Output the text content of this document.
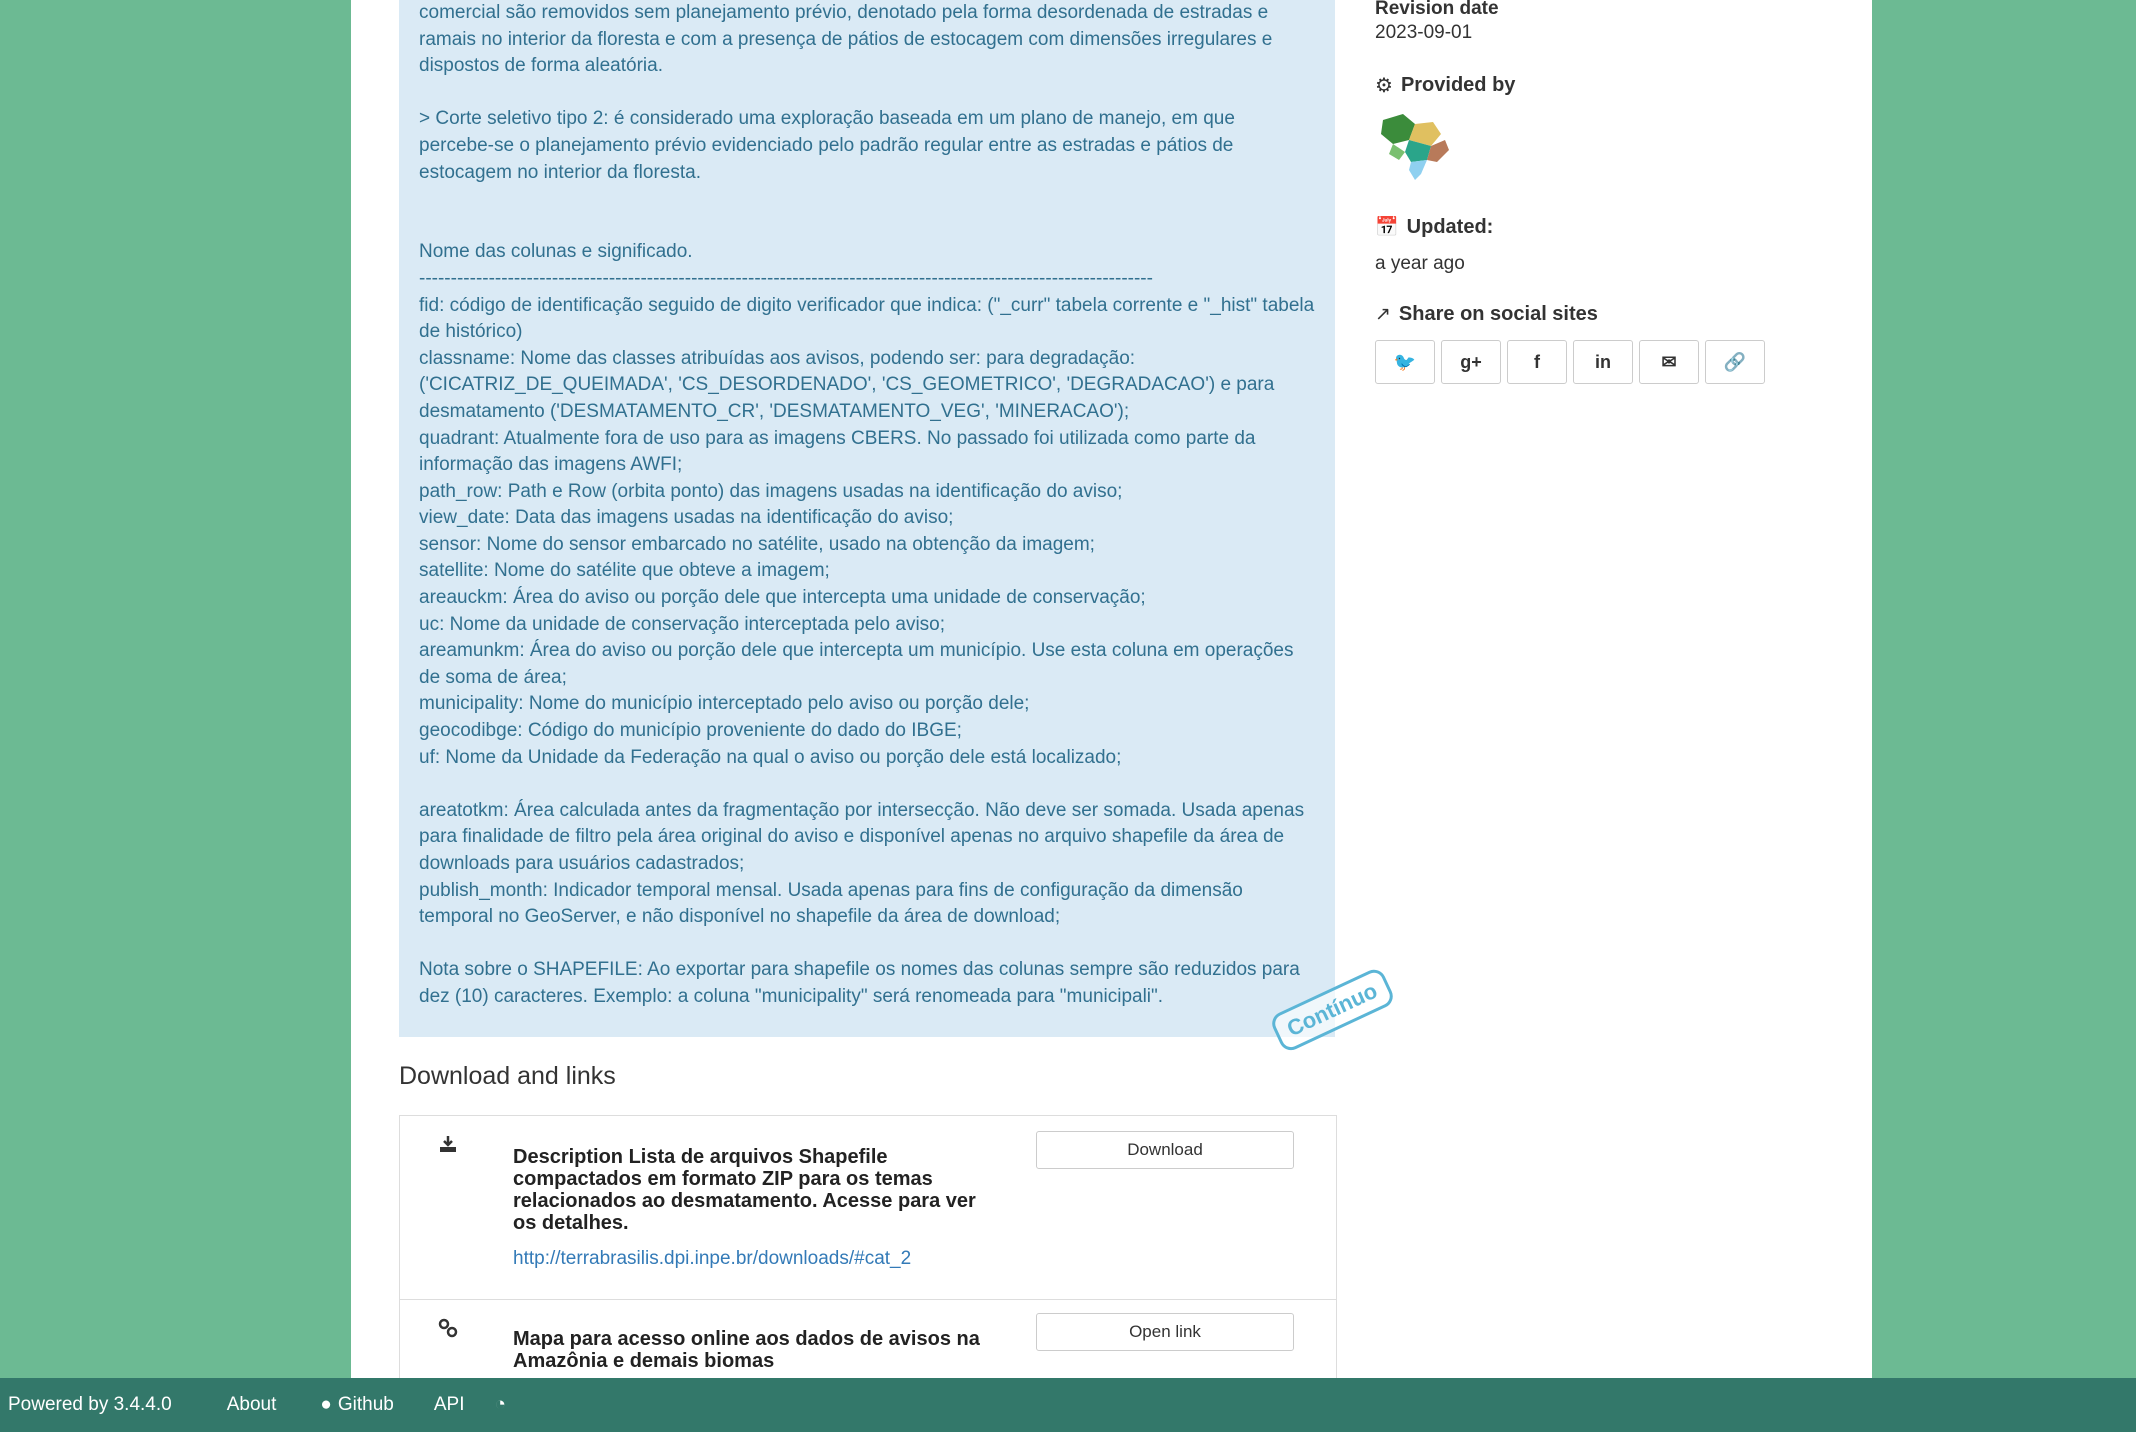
comercial são removidos sem planejamento prévio, denotado pela forma desordenada de estradas e ramais no interior da floresta e com a presença de pátios de estocagem com dimensões irregulares e dispostos de forma aleatória.

> Corte seletivo tipo 2: é considerado uma exploração baseada em um plano de manejo, em que percebe-se o planejamento prévio evidenciado pelo padrão regular entre as estradas e pátios de estocagem no interior da floresta.

Nome das colunas e significado.

--------------------------------------------------------------------------------------------------------------------

fid: código de identificação seguido de digito verificador que indica: ("_curr" tabela corrente e "_hist" tabela de histórico)

classname: Nome das classes atribuídas aos avisos, podendo ser: para degradação: ('CICATRIZ_DE_QUEIMADA', 'CS_DESORDENADO', 'CS_GEOMETRICO', 'DEGRADACAO') e para desmatamento ('DESMATAMENTO_CR', 'DESMATAMENTO_VEG', 'MINERACAO');

quadrant: Atualmente fora de uso para as imagens CBERS. No passado foi utilizada como parte da informação das imagens AWFI;

path_row: Path e Row (orbita ponto) das imagens usadas na identificação do aviso;

view_date: Data das imagens usadas na identificação do aviso;

sensor: Nome do sensor embarcado no satélite, usado na obtenção da imagem;

satellite: Nome do satélite que obteve a imagem;

areauckm: Área do aviso ou porção dele que intercepta uma unidade de conservação;

uc: Nome da unidade de conservação interceptada pelo aviso;

areamunkm: Área do aviso ou porção dele que intercepta um município. Use esta coluna em operações de soma de área;

municipality: Nome do município interceptado pelo aviso ou porção dele;

geocodibge: Código do município proveniente do dado do IBGE;

uf: Nome da Unidade da Federação na qual o aviso ou porção dele está localizado;

areatotkm: Área calculada antes da fragmentação por intersecção. Não deve ser somada. Usada apenas para finalidade de filtro pela área original do aviso e disponível apenas no arquivo shapefile da área de downloads para usuários cadastrados;

publish_month: Indicador temporal mensal. Usada apenas para fins de configuração da dimensão temporal no GeoServer, e não disponível no shapefile da área de download;

Nota sobre o SHAPEFILE: Ao exportar para shapefile os nomes das colunas sempre são reduzidos para dez (10) caracteres. Exemplo: a coluna "municipality" será renomeada para "municipali".	Contínuo
Download and links
Description Lista de arquivos Shapefile compactados em formato ZIP para os temas relacionados ao desmatamento. Acesse para ver os detalhes.
http://terrabrasilis.dpi.inpe.br/downloads/#cat_2
Download
Mapa para acesso online aos dados de avisos na Amazônia e demais biomas
Open link
Revision date
2023-09-01
⚙ Provided by
📅 Updated:
a year ago
↗ Share on social sites
🐦	g+	f	in	✉	🔗
Powered by 3.4.4.0	About ● Github API ◔
